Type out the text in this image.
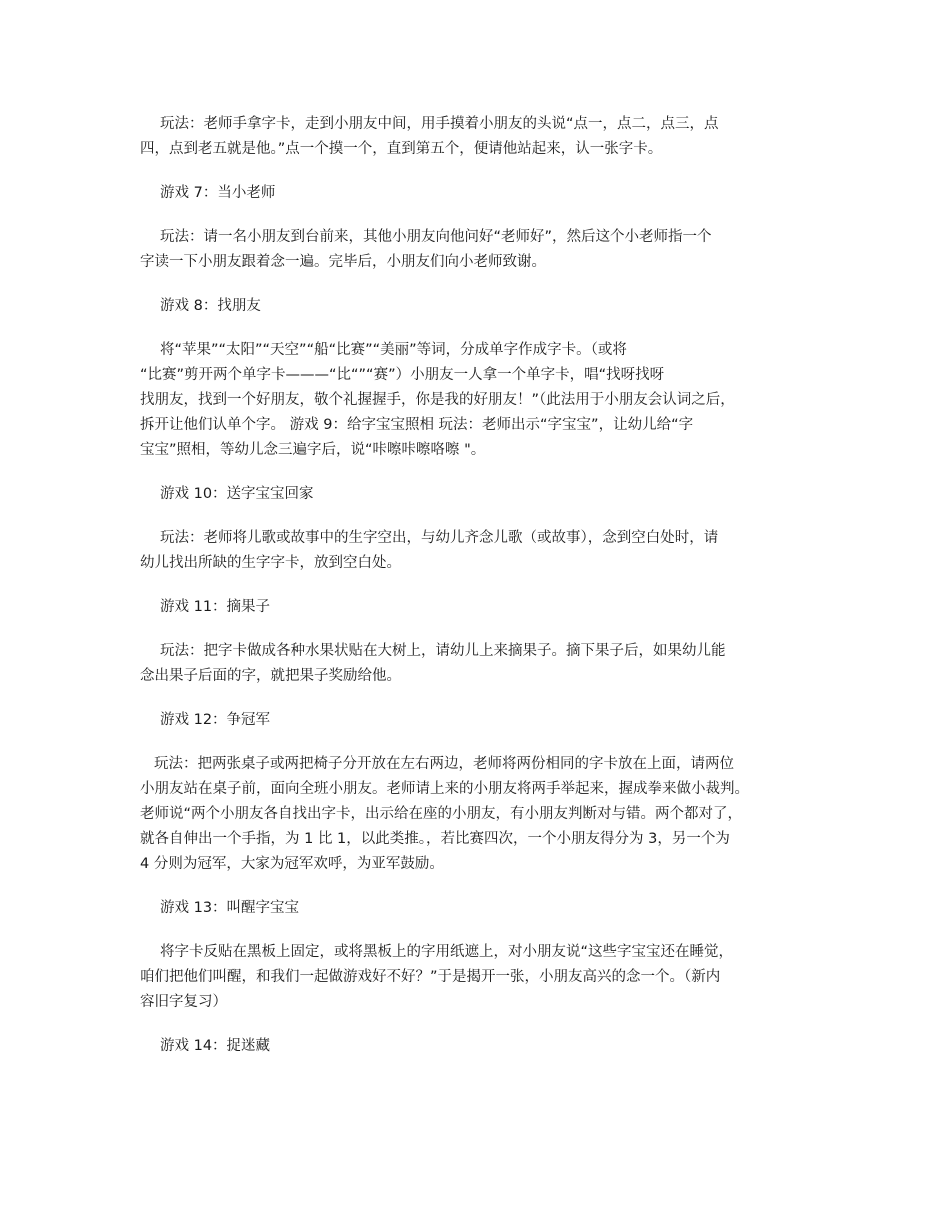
玩法：老师手拿字卡，走到小朋友中间，用手摸着小朋友的头说“点一，点二，点三，点
四，点到老五就是他。”点一个摸一个，直到第五个，便请他站起来，认一张字卡。

游戏 7：当小老师

玩法：请一名小朋友到台前来，其他小朋友向他问好“老师好”，然后这个小老师指一个
字读一下小朋友跟着念一遍。完毕后，小朋友们向小老师致谢。

游戏 8：找朋友

将“苹果”“太阳”“天空”“船“比赛”“美丽”等词，分成单字作成字卡。（或将
“比赛”剪开两个单字卡———“比“”“赛”）小朋友一人拿一个单字卡，唱“找呀找呀
找朋友，找到一个好朋友，敬个礼握握手，你是我的好朋友！”（此法用于小朋友会认词之后，
拆开让他们认单个字。 游戏 9：给字宝宝照相 玩法：老师出示“字宝宝”，让幼儿给“字
宝宝”照相，等幼儿念三遍字后，说“咔嚓咔嚓咯嚓 "。

游戏 10：送字宝宝回家

玩法：老师将儿歌或故事中的生字空出，与幼儿齐念儿歌（或故事），念到空白处时，请
幼儿找出所缺的生字字卡，放到空白处。

游戏 11：摘果子

玩法：把字卡做成各种水果状贴在大树上，请幼儿上来摘果子。摘下果子后，如果幼儿能
念出果子后面的字，就把果子奖励给他。

游戏 12：争冠军

玩法：把两张桌子或两把椅子分开放在左右两边，老师将两份相同的字卡放在上面，请两位
小朋友站在桌子前，面向全班小朋友。老师请上来的小朋友将两手举起来，握成拳来做小裁判。
老师说“两个小朋友各自找出字卡，出示给在座的小朋友，有小朋友判断对与错。两个都对了，
就各自伸出一个手指，为 1 比 1，以此类推。，若比赛四次，一个小朋友得分为 3，另一个为
4 分则为冠军，大家为冠军欢呼，为亚军鼓励。

游戏 13：叫醒字宝宝

将字卡反贴在黑板上固定，或将黑板上的字用纸遮上，对小朋友说“这些字宝宝还在睡觉，
咱们把他们叫醒，和我们一起做游戏好不好？”于是揭开一张，小朋友高兴的念一个。（新内
容旧字复习）

游戏 14：捉迷藏
